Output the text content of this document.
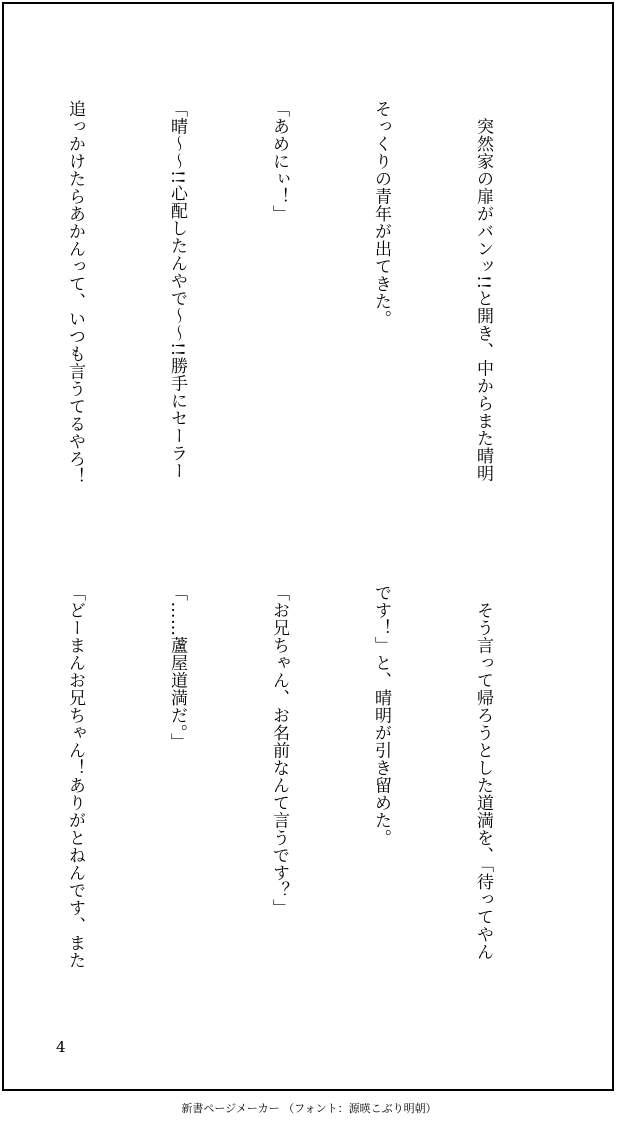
　突然家の扉がバンッ!!と開き、中からまた晴明

そっくりの青年が出てきた。

「あめにぃ！」

「晴～～!!心配したんやで～～!!勝手にセーラー

追っかけたらあかんって、いつも言うてるやろ！

　そう言って帰ろうとした道満を、「待ってやん

です！」と、晴明が引き留めた。

「お兄ちゃん、お名前なんて言うです？」

「……蘆屋道満だ。」

「どーまんお兄ちゃん！ありがとねんです、また

4
新書ページメーカー （フォント：源暎こぶり明朝）
